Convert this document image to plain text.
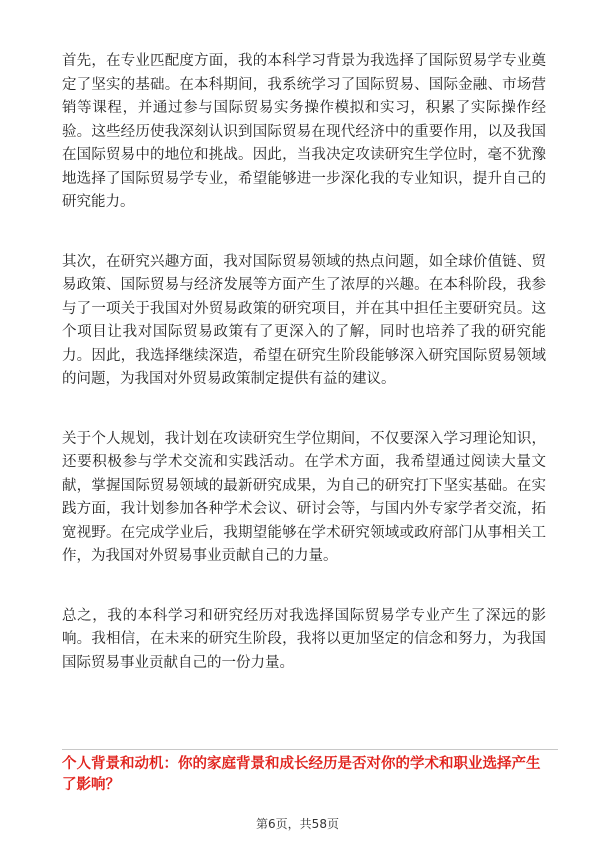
首先，在专业匹配度方面，我的本科学习背景为我选择了国际贸易学专业奠定了坚实的基础。在本科期间，我系统学习了国际贸易、国际金融、市场营销等课程，并通过参与国际贸易实务操作模拟和实习，积累了实际操作经验。这些经历使我深刻认识到国际贸易在现代经济中的重要作用，以及我国在国际贸易中的地位和挑战。因此，当我决定攻读研究生学位时，毫不犹豫地选择了国际贸易学专业，希望能够进一步深化我的专业知识，提升自己的研究能力。

其次，在研究兴趣方面，我对国际贸易领域的热点问题，如全球价值链、贸易政策、国际贸易与经济发展等方面产生了浓厚的兴趣。在本科阶段，我参与了一项关于我国对外贸易政策的研究项目，并在其中担任主要研究员。这个项目让我对国际贸易政策有了更深入的了解，同时也培养了我的研究能力。因此，我选择继续深造，希望在研究生阶段能够深入研究国际贸易领域的问题，为我国对外贸易政策制定提供有益的建议。

关于个人规划，我计划在攻读研究生学位期间，不仅要深入学习理论知识，还要积极参与学术交流和实践活动。在学术方面，我希望通过阅读大量文献，掌握国际贸易领域的最新研究成果，为自己的研究打下坚实基础。在实践方面，我计划参加各种学术会议、研讨会等，与国内外专家学者交流，拓宽视野。在完成学业后，我期望能够在学术研究领域或政府部门从事相关工作，为我国对外贸易事业贡献自己的力量。

总之，我的本科学习和研究经历对我选择国际贸易学专业产生了深远的影响。我相信，在未来的研究生阶段，我将以更加坚定的信念和努力，为我国国际贸易事业贡献自己的一份力量。

个人背景和动机：你的家庭背景和成长经历是否对你的学术和职业选择产生了影响？
第6页，共58页
